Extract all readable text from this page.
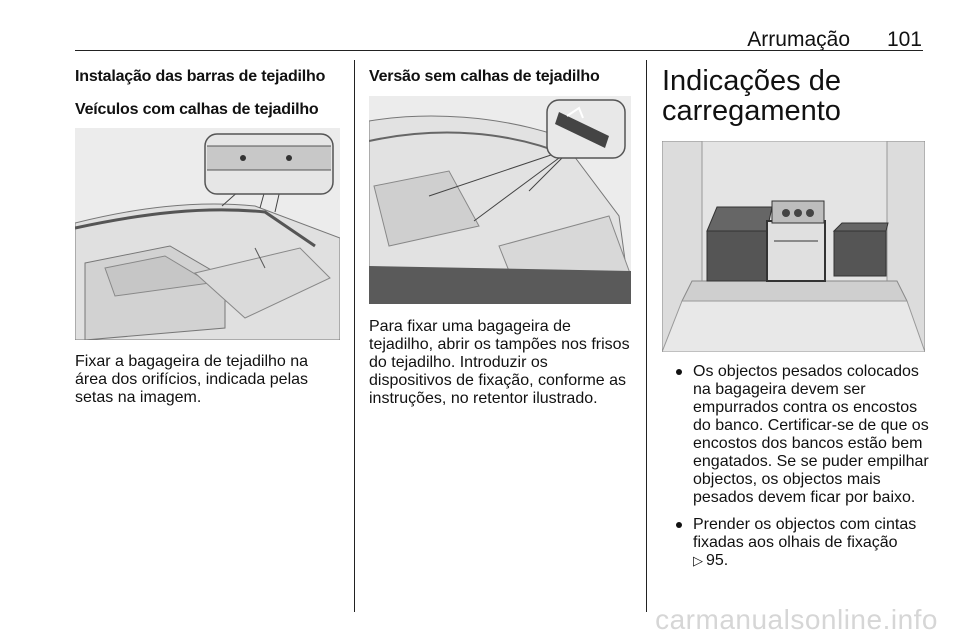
Arrumação 101
Instalação das barras de tejadilho
Veículos com calhas de tejadilho

Fixar a bagageira de tejadilho na área dos orifícios, indicada pelas setas na imagem.

Versão sem calhas de tejadilho

Para fixar uma bagageira de tejadilho, abrir os tampões nos frisos do tejadilho. Introduzir os dispositivos de fixação, conforme as instruções, no retentor ilustrado.

Indicações de carregamento
Os objectos pesados colocados na bagageira devem ser empurrados contra os encostos do banco. Certificar-se de que os encostos dos bancos estão bem engatados. Se se puder empilhar objectos, os objectos mais pesados devem ficar por baixo.
Prender os objectos com cintas fixadas aos olhais de fixação
▷ 95.
carmanualsonline.info
